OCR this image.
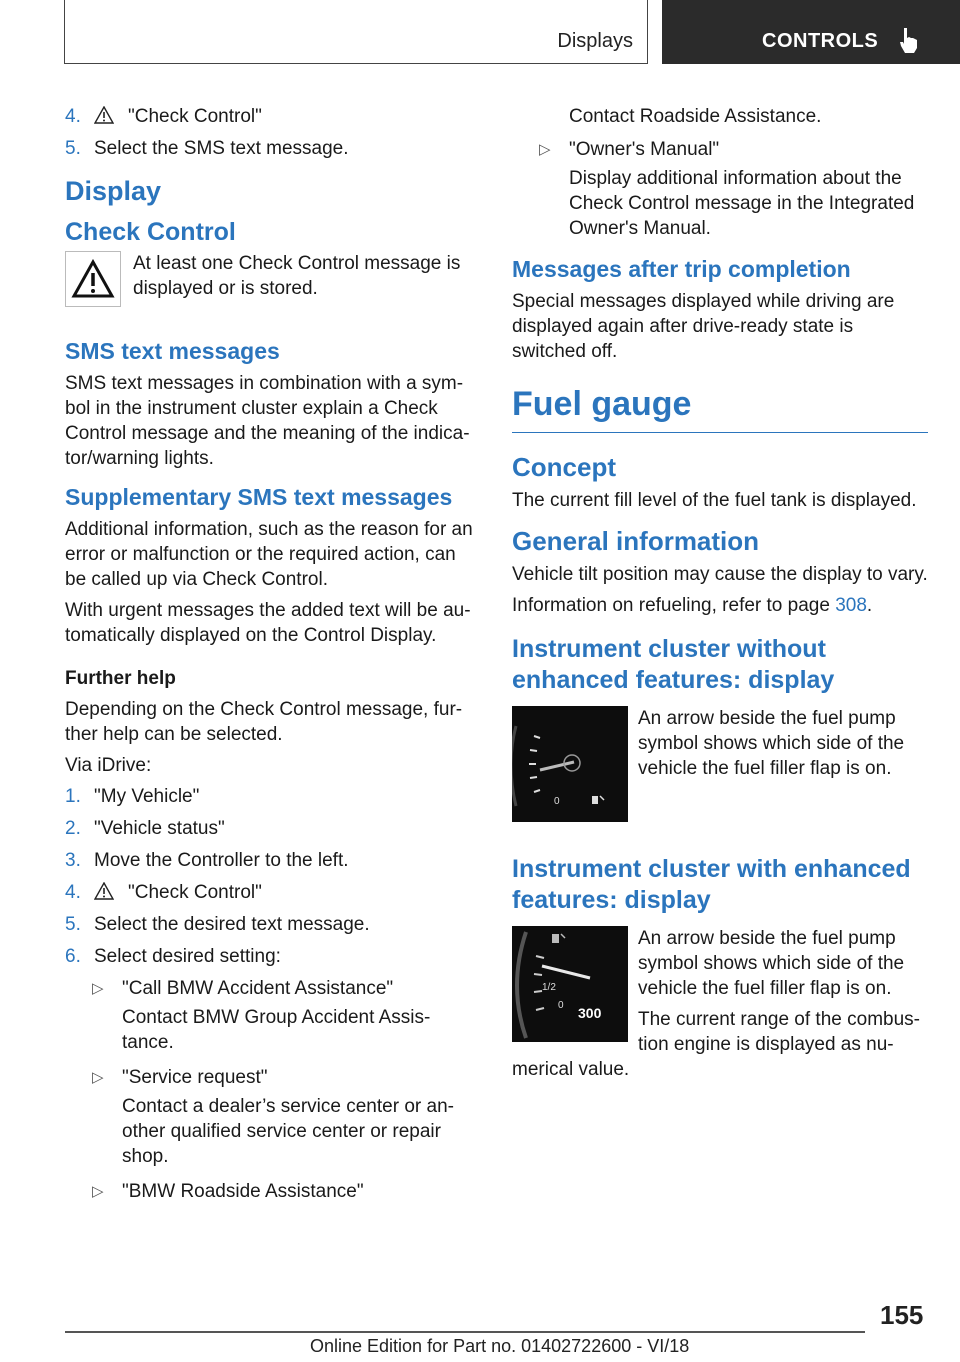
Displays	CONTROLS
4.	"Check Control"
5. Select the SMS text message.
Display
Check Control
At least one Check Control message is displayed or is stored.
SMS text messages

SMS text messages in combination with a symbol in the instrument cluster explain a Check Control message and the meaning of the indicator/warning lights.

Supplementary SMS text messages

Additional information, such as the reason for an error or malfunction or the required action, can be called up via Check Control.

With urgent messages the added text will be automatically displayed on the Control Display.

Further help

Depending on the Check Control message, further help can be selected.

Via iDrive:

1. "My Vehicle"
2. "Vehicle status"
3. Move the Controller to the left.
4.	"Check Control"
5. Select the desired text message.
6. Select desired setting:
▷ "Call BMW Accident Assistance"
Contact BMW Group Accident Assistance.
▷ "Service request"
Contact a dealer’s service center or another qualified service center or repair shop.
▷ "BMW Roadside Assistance"
Contact Roadside Assistance.
▷ "Owner's Manual"
Display additional information about the Check Control message in the Integrated Owner's Manual.
Messages after trip completion

Special messages displayed while driving are displayed again after drive-ready state is switched off.

Fuel gauge
Concept

The current fill level of the fuel tank is displayed.

General information

Vehicle tilt position may cause the display to vary.

Information on refueling, refer to page 308.

Instrument cluster without enhanced features: display
0
An arrow beside the fuel pump symbol shows which side of the vehicle the fuel filler flap is on.
Instrument cluster with enhanced features: display
1/2
0 300
An arrow beside the fuel pump symbol shows which side of the vehicle the fuel filler flap is on.
The current range of the combustion engine is displayed as numerical value.
155
Online Edition for Part no. 01402722600 - VI/18
